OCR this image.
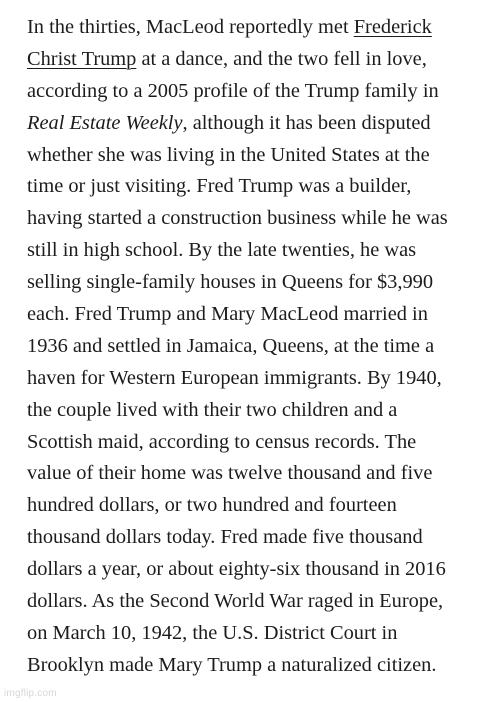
In the thirties, MacLeod reportedly met Frederick
Christ Trump at a dance, and the two fell in love,
according to a 2005 profile of the Trump family in
Real Estate Weekly, although it has been disputed
whether she was living in the United States at the
time or just visiting. Fred Trump was a builder,
having started a construction business while he was
still in high school. By the late twenties, he was
selling single-family houses in Queens for $3,990
each. Fred Trump and Mary MacLeod married in
1936 and settled in Jamaica, Queens, at the time a
haven for Western European immigrants. By 1940,
the couple lived with their two children and a
Scottish maid, according to census records. The
value of their home was twelve thousand and five
hundred dollars, or two hundred and fourteen
thousand dollars today. Fred made five thousand
dollars a year, or about eighty-six thousand in 2016
dollars. As the Second World War raged in Europe,
on March 10, 1942, the U.S. District Court in
Brooklyn made Mary Trump a naturalized citizen.
imgflip.com
